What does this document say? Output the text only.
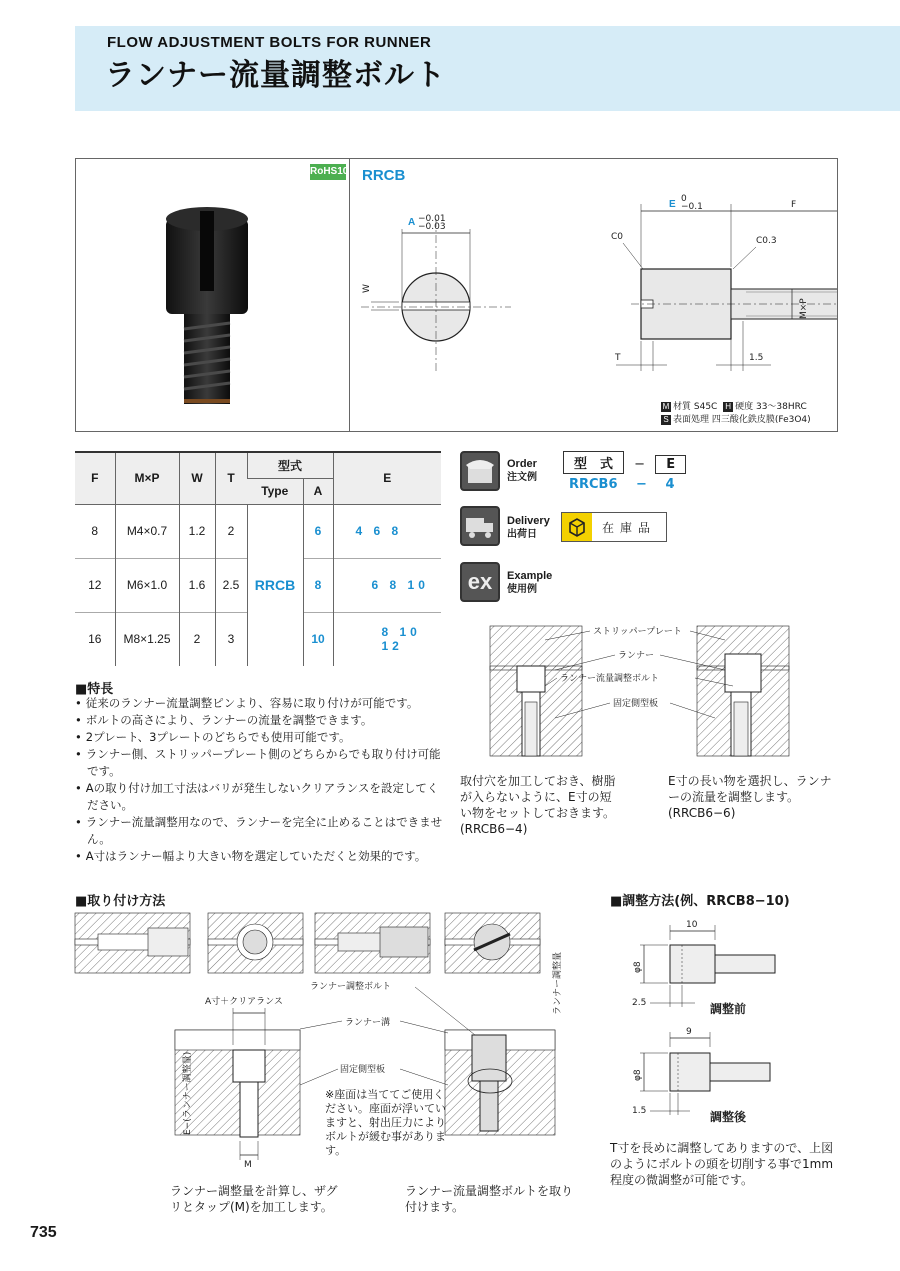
FLOW ADJUSTMENT BOLTS FOR RUNNER
ランナー流量調整ボルト
RoHS10 RRCB
A −0.01
−0.03
W
E 0
−0.1	F
C0	C0.3
T	1.5
M×P
M 材質 S45C H 硬度 33〜38HRC
S 表面処理 四三酸化鉄皮膜(Fe3O4)
F	M×P	W	T	型式		E
				Type	A	
8	M4×0.7	1.2	2	RRCB	6	4 6 8
12	M6×1.0	1.6	2.5		8	6 8 10
16	M8×1.25	2	3		10	8 10 12
Order
注文例
型　式 − E
RRCB6 − 4
Delivery
出荷日	在庫品
ex	Example
使用例
ストリッパープレート
ランナー
ランナー流量調整ボルト
固定側型板
取付穴を加工しておき、樹脂が入らないように、E寸の短い物をセットしておきます。(RRCB6−4)
E寸の長い物を選択し、ランナーの流量を調整します。(RRCB6−6)
■特長
• 従来のランナー流量調整ピンより、容易に取り付けが可能です。
• ボルトの高さにより、ランナーの流量を調整できます。
• 2プレート、3プレートのどちらでも使用可能です。
• ランナー側、ストリッパープレート側のどちらからでも取り付け可能です。
• Aの取り付け加工寸法はバリが発生しないクリアランスを設定してください。
• ランナー流量調整用なので、ランナーを完全に止めることはできません。
• A寸はランナー幅より大きい物を選定していただくと効果的です。
■取り付け方法	■調整方法(例、RRCB8−10)
A寸＋クリアランス
M
E−(ランナー調整量)
ランナー調整量
ランナー調整ボルト
ランナー溝
固定側型板
※座面は当ててご使用ください。座面が浮いていますと、射出圧力によりボルトが緩む事があります。
ランナー調整量を計算し、ザグリとタップ(M)を加工します。
ランナー流量調整ボルトを取り付けます。
10
φ8
2.5	調整前
9
φ8
1.5	調整後
T寸を長めに調整してありますので、上図のようにボルトの頭を切削する事で1mm程度の微調整が可能です。
735
